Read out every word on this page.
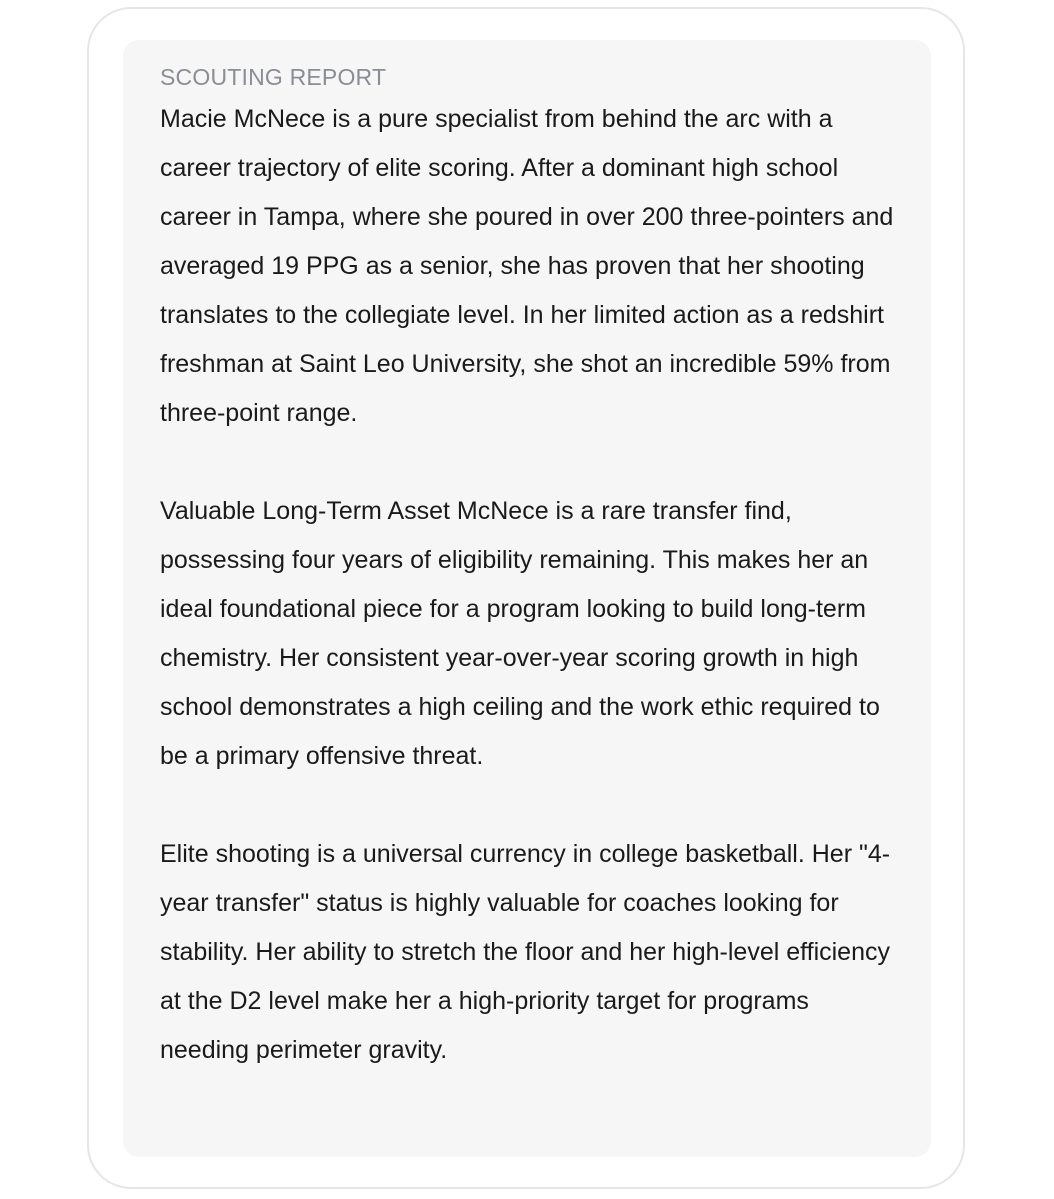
SCOUTING REPORT

Macie McNece is a pure specialist from behind the arc with a career trajectory of elite scoring. After a dominant high school career in Tampa, where she poured in over 200 three-pointers and averaged 19 PPG as a senior, she has proven that her shooting translates to the collegiate level. In her limited action as a redshirt freshman at Saint Leo University, she shot an incredible 59% from three-point range.

Valuable Long-Term Asset McNece is a rare transfer find, possessing four years of eligibility remaining. This makes her an ideal foundational piece for a program looking to build long-term chemistry. Her consistent year-over-year scoring growth in high school demonstrates a high ceiling and the work ethic required to be a primary offensive threat.

Elite shooting is a universal currency in college basketball. Her "4-year transfer" status is highly valuable for coaches looking for stability. Her ability to stretch the floor and her high-level efficiency at the D2 level make her a high-priority target for programs needing perimeter gravity.
